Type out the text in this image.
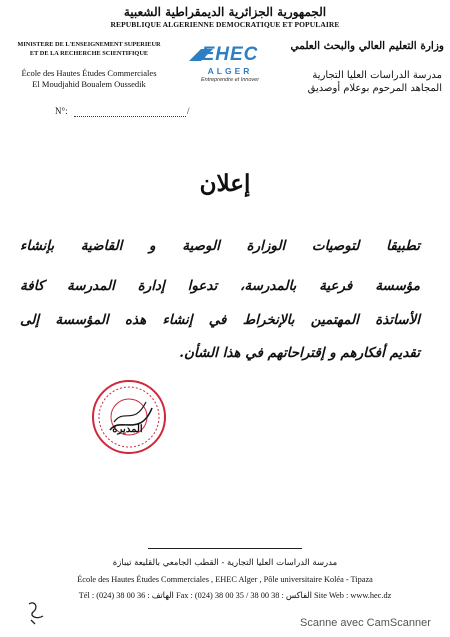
الجمهورية الجزائرية الديمقراطية الشعبية
REPUBLIQUE ALGERIENNE DEMOCRATIQUE ET POPULAIRE
MINISTERE DE L'ENSEIGNEMENT SUPERIEUR
ET DE LA RECHERCHE SCIENTIFIQUE
École des Hautes Études Commerciales
El Moudjahid Boualem Oussedik
N°:	/
وزارة التعليم العالي والبحث العلمي
مدرسة الدراسات العليا التجارية
المجاهد المرحوم بوعلام أوصديق
EHEC
ALGER
Entreprendre et Innover
إعلان
تطبيقا لتوصيات الوزارة الوصية و القاضية بإنشاء
مؤسسة فرعية بالمدرسة، تدعوا إدارة المدرسة كافة
الأساتذة المهتمين بالإنخراط في إنشاء هذه المؤسسة إلى
تقديم أفكارهم و إقتراحاتهم في هذا الشأن.
المديرة
مدرسة الدراسات العليا التجارية - القطب الجامعي بالقليعة تيبازة
École des Hautes Études Commerciales , EHEC Alger , Pôle universitaire Koléa - Tipaza
Tél : (024) 38 00 36 : الهاتف Fax : (024) 38 00 35 / 38 00 38 : الفاكس Site Web : www.hec.dz
Scanne avec CamScanner
